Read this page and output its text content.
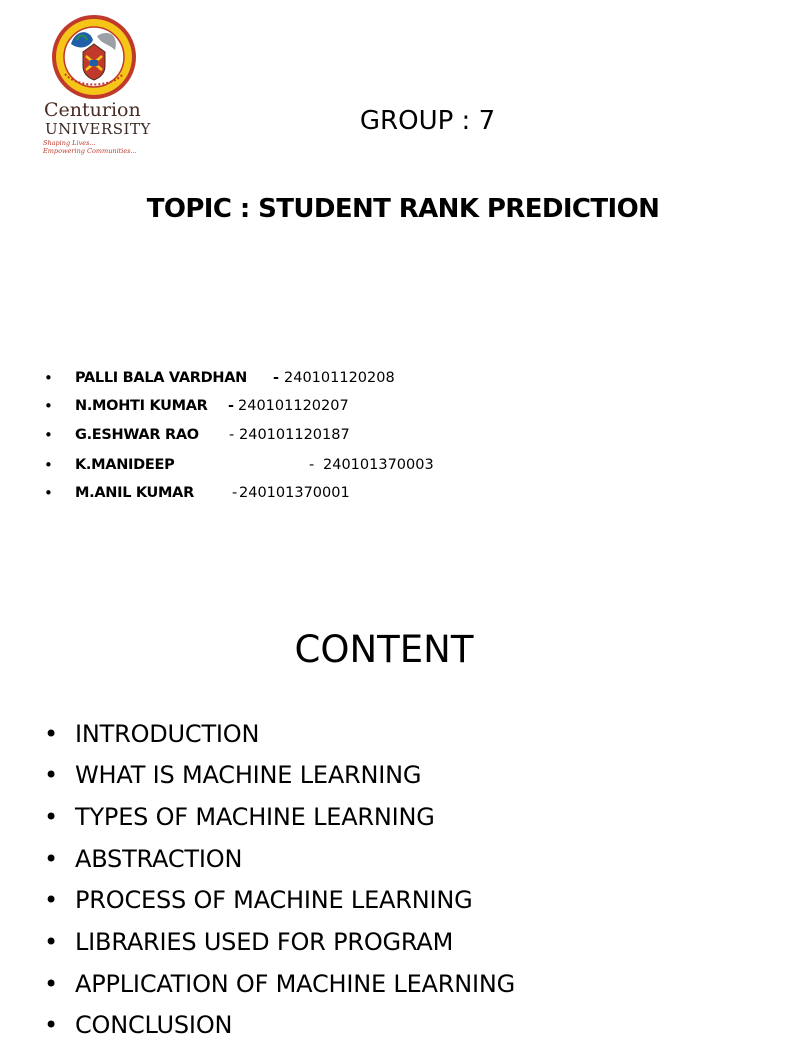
Centurion
UNIVERSITY
Shaping Lives...
Empowering Communities...
GROUP : 7
TOPIC : STUDENT RANK PREDICTION
• PALLI BALA VARDHAN - 240101120208
• N.MOHTI KUMAR - 240101120207
• G.ESHWAR RAO - 240101120187
• K.MANIDEEP	- 240101370003
• M.ANIL KUMAR	- 240101370001
CONTENT
• INTRODUCTION
• WHAT IS MACHINE LEARNING
• TYPES OF MACHINE LEARNING
• ABSTRACTION
• PROCESS OF MACHINE LEARNING
• LIBRARIES USED FOR PROGRAM
• APPLICATION OF MACHINE LEARNING
• CONCLUSION
